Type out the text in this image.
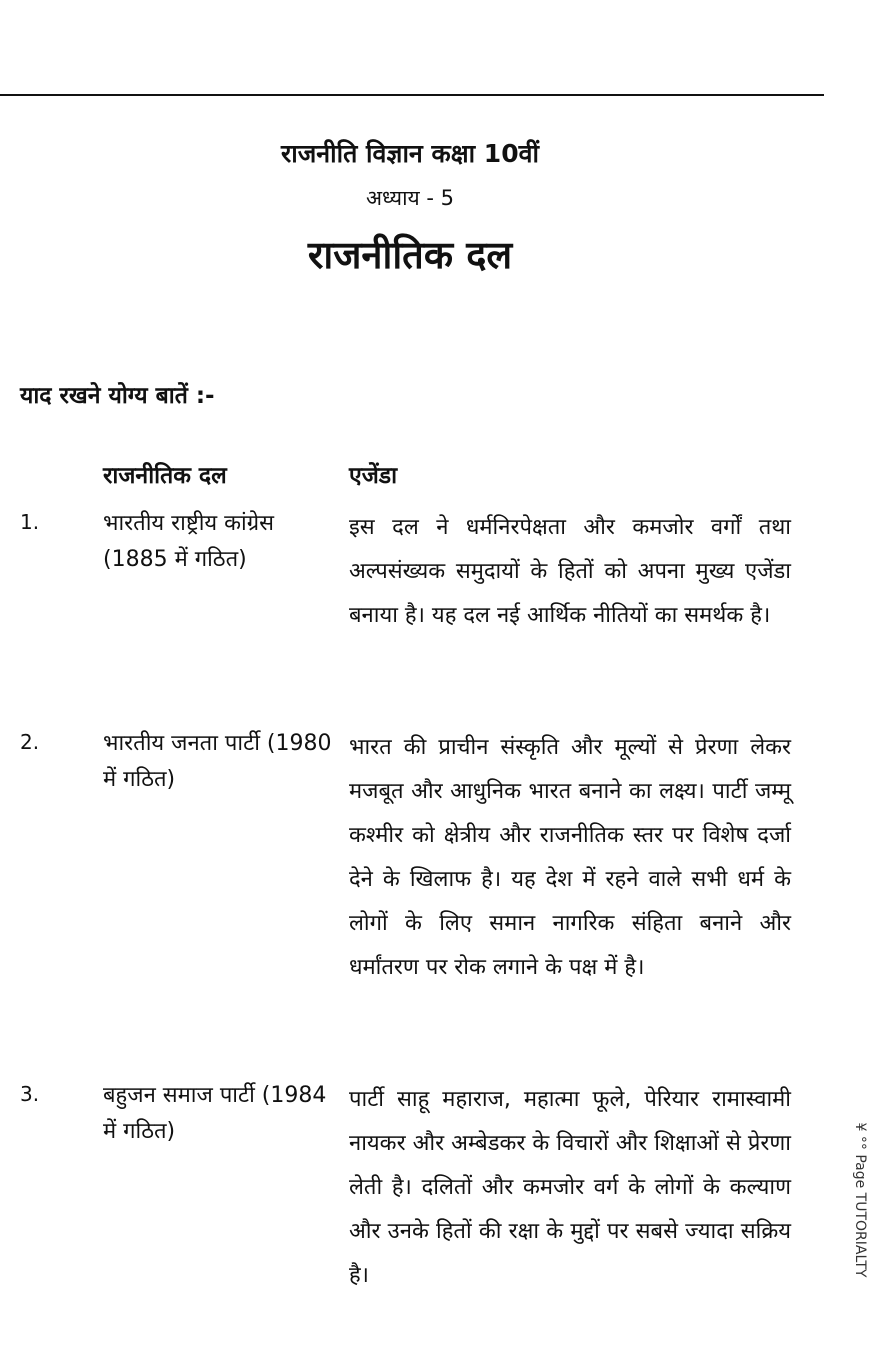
राजनीति विज्ञान कक्षा 10वीं
अध्याय - 5
राजनीतिक दल
याद रखने योग्य बातें :-
राजनीतिक दल	एजेंडा
1.	भारतीय राष्ट्रीय कांग्रेस (1885 में गठित)
इस दल ने धर्मनिरपेक्षता और कमजोर वर्गों तथा अल्पसंख्यक समुदायों के हितों को अपना मुख्य एजेंडा बनाया है। यह दल नई आर्थिक नीतियों का समर्थक है।
2.	भारतीय जनता पार्टी (1980 में गठित)
भारत की प्राचीन संस्कृति और मूल्यों से प्रेरणा लेकर मजबूत और आधुनिक भारत बनाने का लक्ष्य। पार्टी जम्मू कश्मीर को क्षेत्रीय और राजनीतिक स्तर पर विशेष दर्जा देने के खिलाफ है। यह देश में रहने वाले सभी धर्म के लोगों के लिए समान नागरिक संहिता बनाने और धर्मांतरण पर रोक लगाने के पक्ष में है।
3.	बहुजन समाज पार्टी (1984 में गठित)
पार्टी साहू महाराज, महात्मा फूले, पेरियार रामास्वामी नायकर और अम्बेडकर के विचारों और शिक्षाओं से प्रेरणा लेती है। दलितों और कमजोर वर्ग के लोगों के कल्याण और उनके हितों की रक्षा के मुद्दों पर सबसे ज्यादा सक्रिय है।	¥ °° Page TUTORIALTY
